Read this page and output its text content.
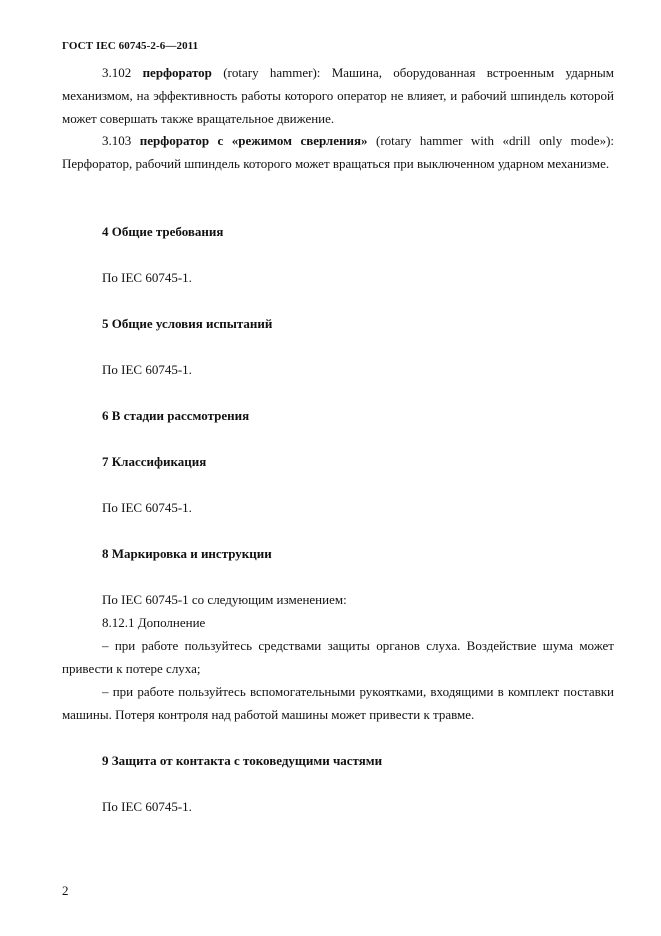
ГОСТ IEC 60745-2-6—2011
3.102 перфоратор (rotary hammer): Машина, оборудованная встроенным ударным механизмом, на эффективность работы которого оператор не влияет, и рабочий шпиндель которой может совершать также вращательное движение.
3.103 перфоратор с «режимом сверления» (rotary hammer with «drill only mode»): Перфоратор, рабочий шпиндель которого может вращаться при выключенном ударном механизме.
4 Общие требования
По IEC 60745-1.
5 Общие условия испытаний
По IEC 60745-1.
6 В стадии рассмотрения
7 Классификация
По IEC 60745-1.
8 Маркировка и инструкции
По IEC 60745-1 со следующим изменением:
8.12.1 Дополнение
– при работе пользуйтесь средствами защиты органов слуха. Воздействие шума может привести к потере слуха;
– при работе пользуйтесь вспомогательными рукоятками, входящими в комплект поставки машины. Потеря контроля над работой машины может привести к травме.
9 Защита от контакта с токоведущими частями
По IEC 60745-1.
2
